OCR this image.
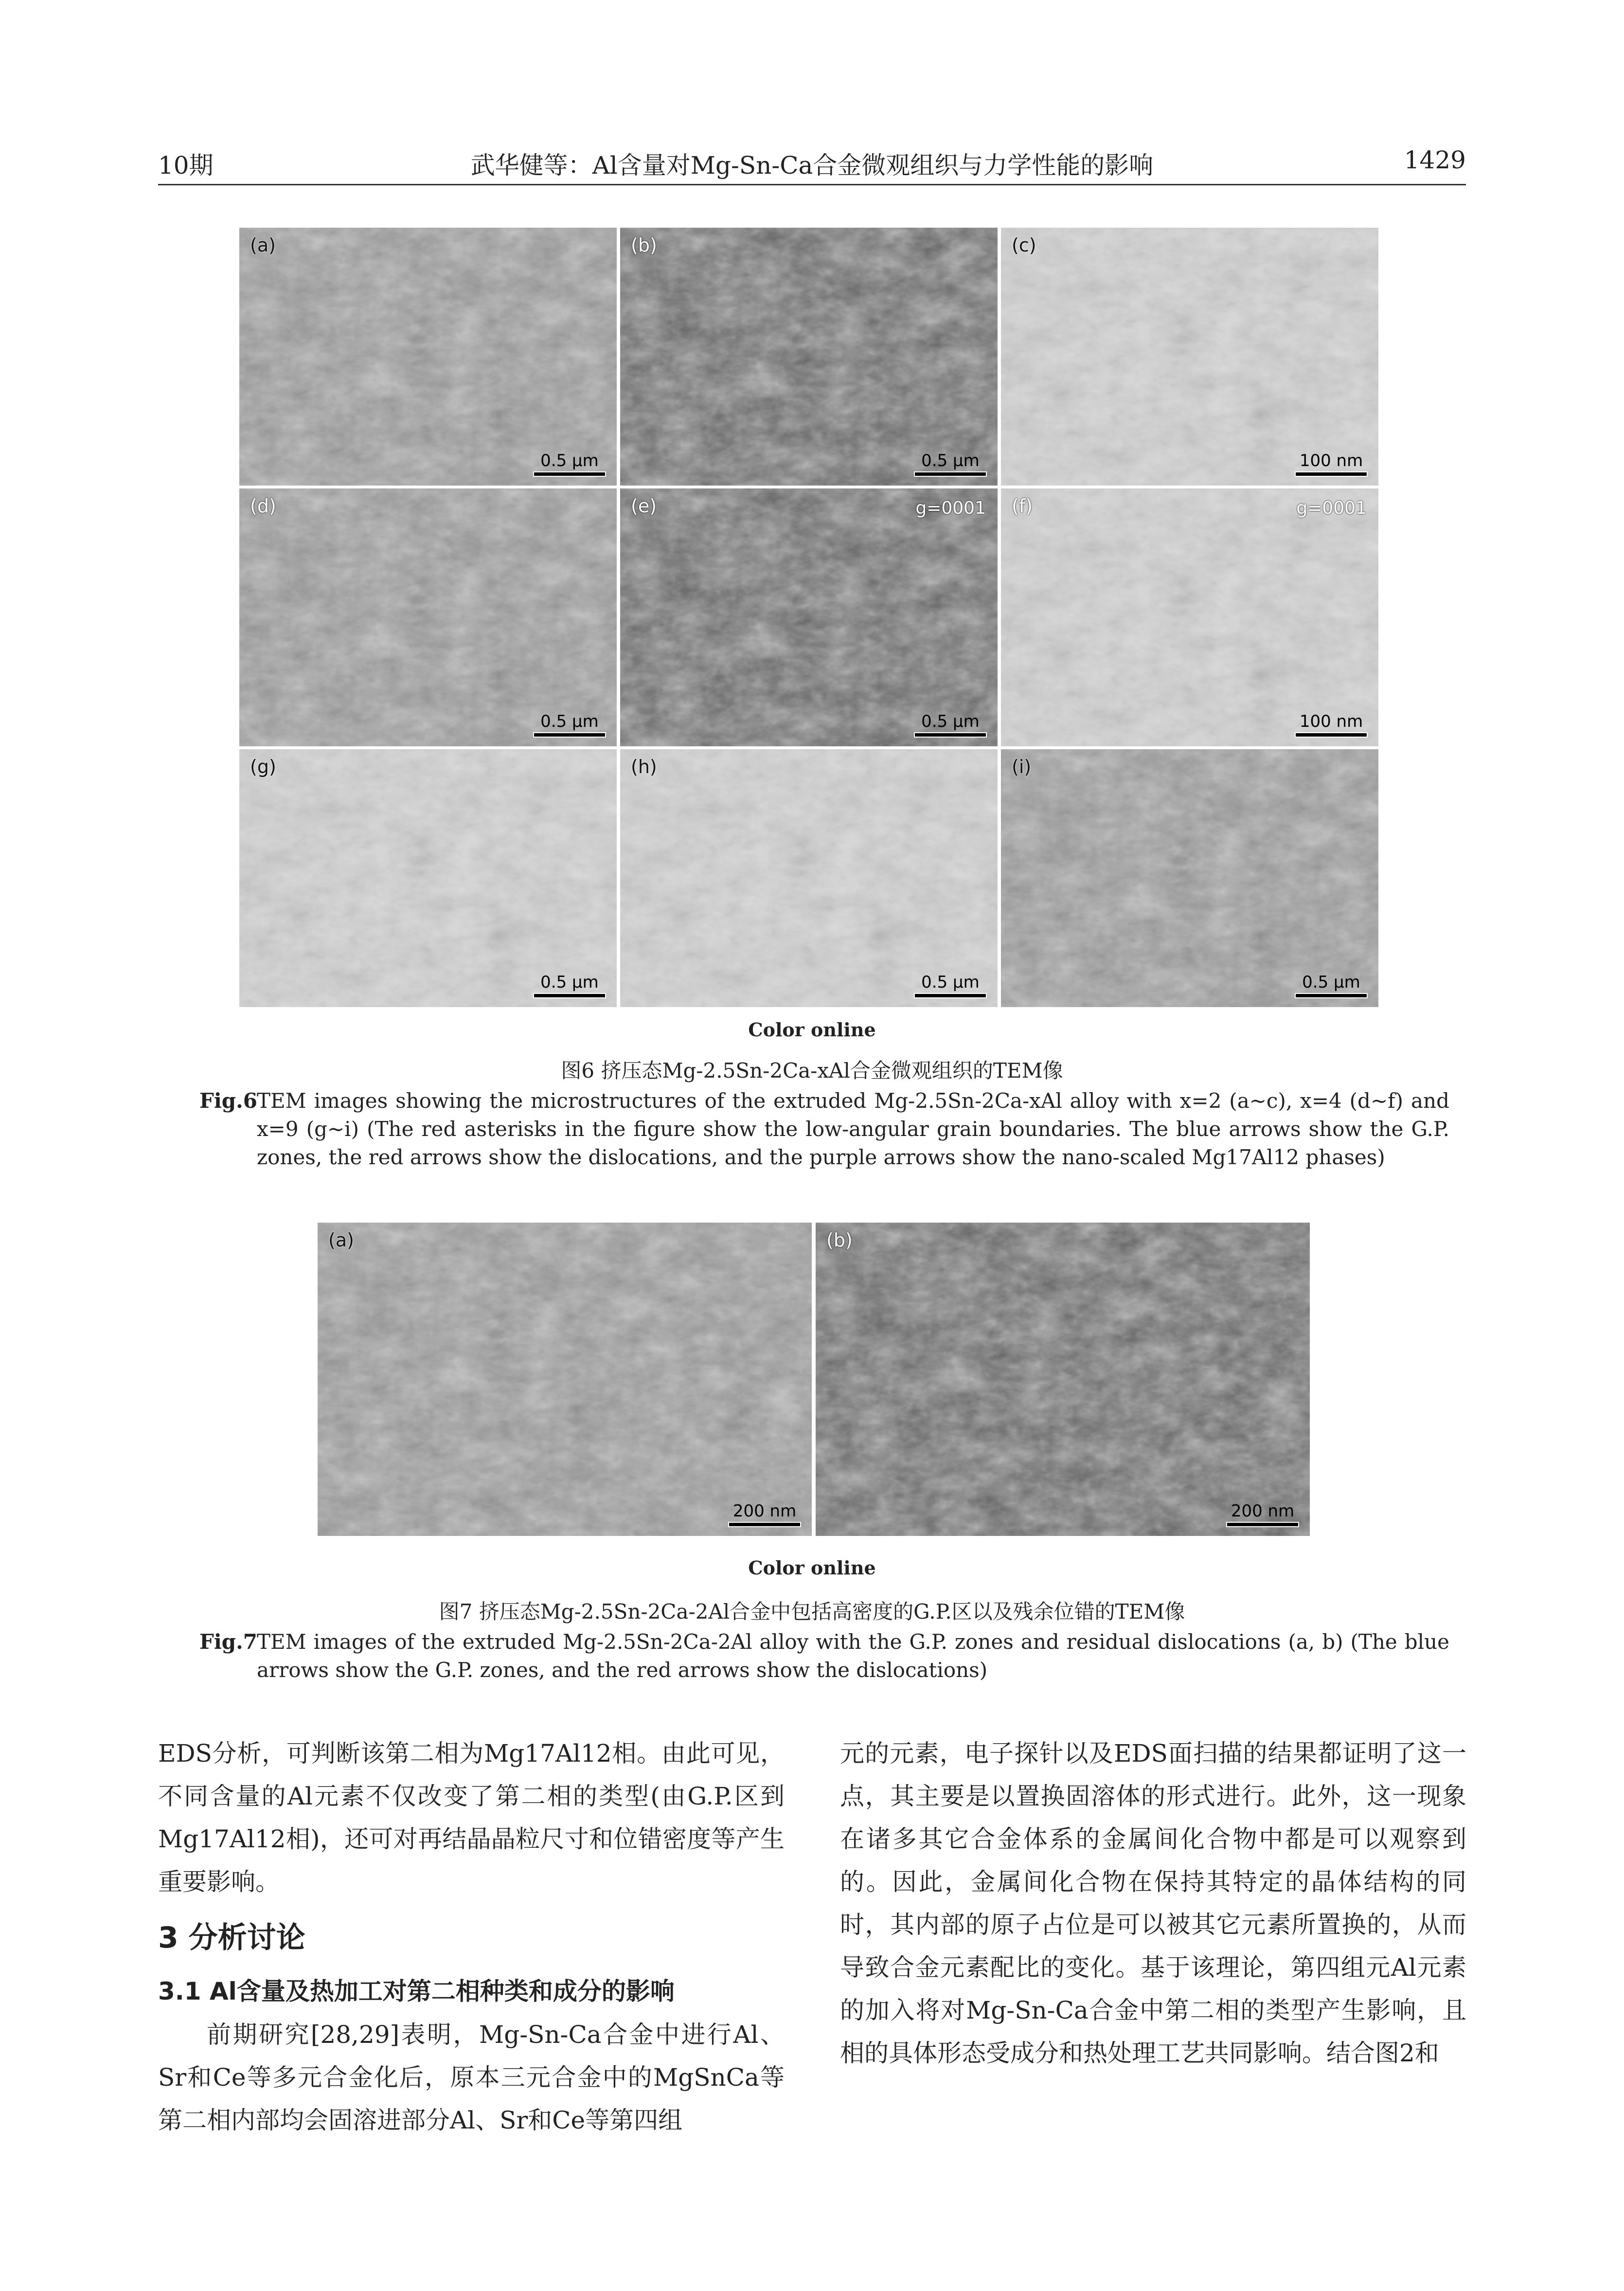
10期	武华健等：Al含量对Mg-Sn-Ca合金微观组织与力学性能的影响	1429
(a)
0.5 μm
(b)
0.5 μm
(c)
100 nm
(d)
0.5 μm
(e)	g=0001
0.5 μm
(f)	g=0001
100 nm
(g)
0.5 μm
(h)
0.5 μm
(i)
0.5 μm
Color online
图6 挤压态Mg-2.5Sn-2Ca-xAl合金微观组织的TEM像
Fig.6 TEM images showing the microstructures of the extruded Mg-2.5Sn-2Ca-xAl alloy with x=2 (a~c), x=4 (d~f) and x=9 (g~i) (The red asterisks in the figure show the low-angular grain boundaries. The blue arrows show the G.P. zones, the red arrows show the dislocations, and the purple arrows show the nano-scaled Mg17Al12 phases)
(a)
200 nm
(b)
200 nm
Color online
图7 挤压态Mg-2.5Sn-2Ca-2Al合金中包括高密度的G.P.区以及残余位错的TEM像
Fig.7 TEM images of the extruded Mg-2.5Sn-2Ca-2Al alloy with the G.P. zones and residual dislocations (a, b) (The blue arrows show the G.P. zones, and the red arrows show the dislocations)

EDS分析，可判断该第二相为Mg17Al12相。由此可见，不同含量的Al元素不仅改变了第二相的类型(由G.P.区到Mg17Al12相)，还可对再结晶晶粒尺寸和位错密度等产生重要影响。

3 分析讨论
3.1 Al含量及热加工对第二相种类和成分的影响

前期研究[28,29]表明，Mg-Sn-Ca合金中进行Al、Sr和Ce等多元合金化后，原本三元合金中的MgSnCa等第二相内部均会固溶进部分Al、Sr和Ce等第四组

元的元素，电子探针以及EDS面扫描的结果都证明了这一点，其主要是以置换固溶体的形式进行。此外，这一现象在诸多其它合金体系的金属间化合物中都是可以观察到的。因此，金属间化合物在保持其特定的晶体结构的同时，其内部的原子占位是可以被其它元素所置换的，从而导致合金元素配比的变化。基于该理论，第四组元Al元素的加入将对Mg-Sn-Ca合金中第二相的类型产生影响，且相的具体形态受成分和热处理工艺共同影响。结合图2和
